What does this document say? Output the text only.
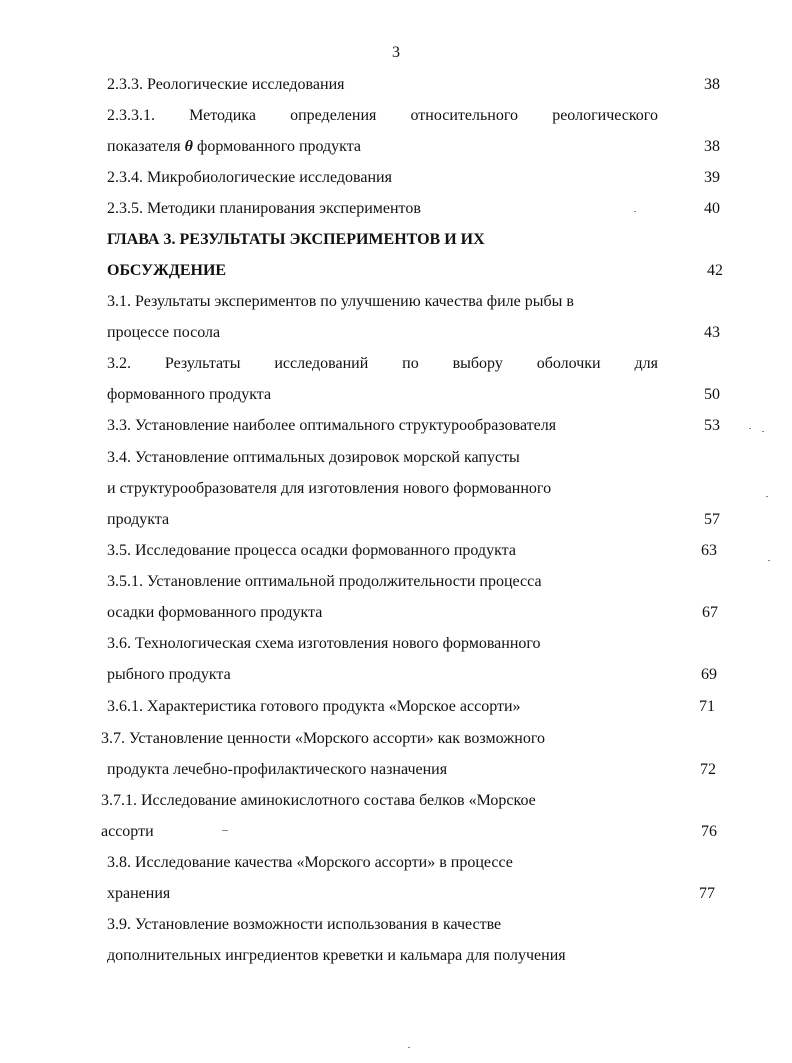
3
2.3.3. Реологические исследования	38
2.3.3.1. Методика определения относительного реологического
показателя θ формованного продукта	38
2.3.4. Микробиологические исследования	39
2.3.5. Методики планирования экспериментов	40
ГЛАВА 3. РЕЗУЛЬТАТЫ ЭКСПЕРИМЕНТОВ И ИХ
ОБСУЖДЕНИЕ	42
3.1. Результаты экспериментов по улучшению качества филе рыбы в
процессе посола	43
3.2. Результаты исследований по выбору оболочки для
формованного продукта	50
3.3. Установление наиболее оптимального структурообразователя	53
3.4. Установление оптимальных дозировок морской капусты
и структурообразователя для изготовления нового формованного
продукта	57
3.5. Исследование процесса осадки формованного продукта	63
3.5.1. Установление оптимальной продолжительности процесса
осадки формованного продукта	67
3.6. Технологическая схема изготовления нового формованного
рыбного продукта	69
3.6.1. Характеристика готового продукта «Морское ассорти»	71
3.7. Установление ценности «Морского ассорти» как возможного
продукта лечебно-профилактического назначения	72
3.7.1. Исследование аминокислотного состава белков «Морское
ассорти	76
3.8. Исследование качества «Морского ассорти» в процессе
хранения	77
3.9. Установление возможности использования в качестве
дополнительных ингредиентов креветки и кальмара для получения
